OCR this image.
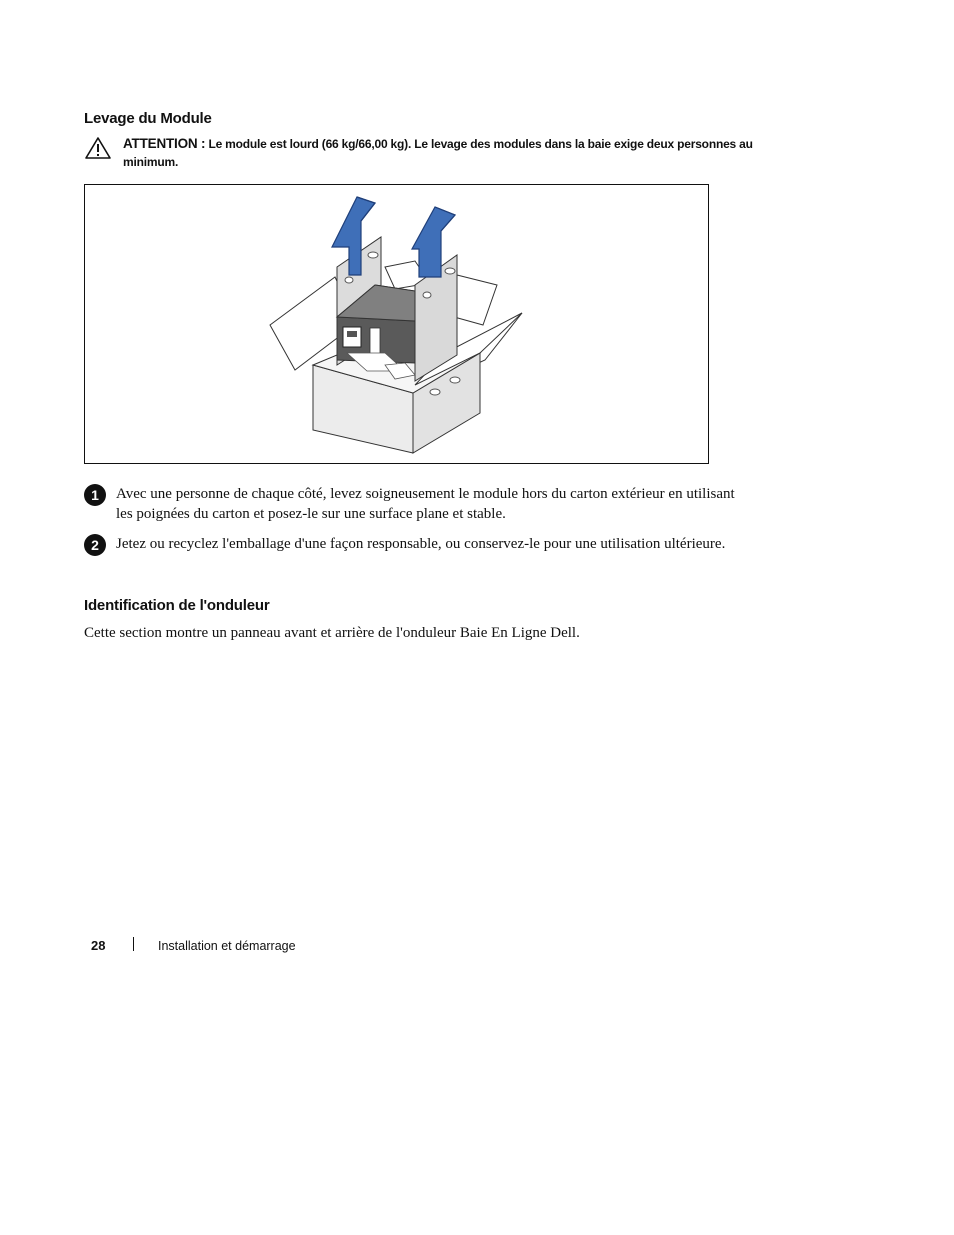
Levage du Module
ATTENTION : Le module est lourd (66 kg/66,00 kg). Le levage des modules dans la baie exige deux personnes au minimum.
1	Avec une personne de chaque côté, levez soigneusement le module hors du carton extérieur en utilisant les poignées du carton et posez-le sur une surface plane et stable.
2	Jetez ou recyclez l'emballage d'une façon responsable, ou conservez-le pour une utilisation ultérieure.
Identification de l'onduleur
Cette section montre un panneau avant et arrière de l'onduleur Baie En Ligne Dell.
28	Installation et démarrage
